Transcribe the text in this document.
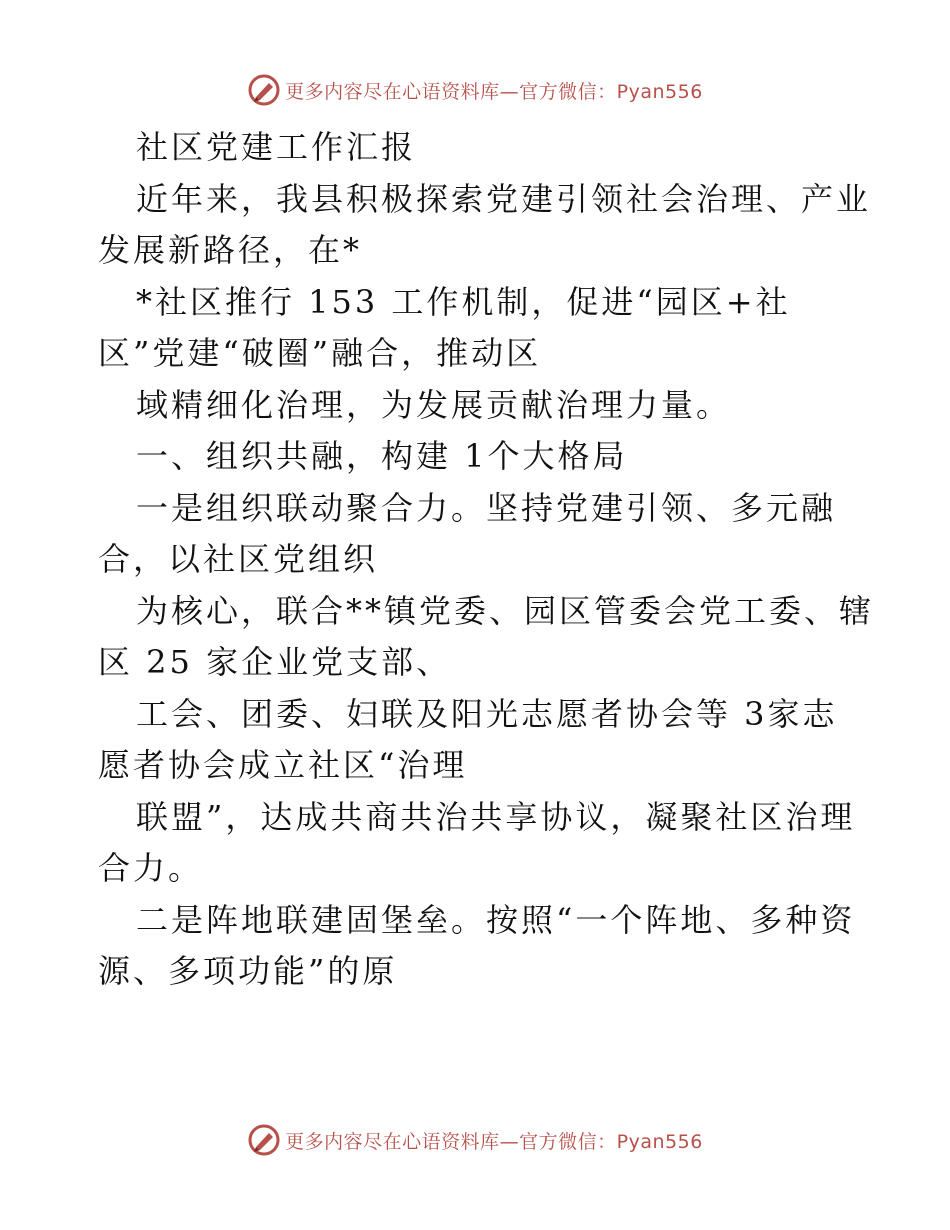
更多内容尽在心语资料库—官方微信：Pyan556
社区党建工作汇报
近年来，我县积极探索党建引领社会治理、产业
发展新路径，在*
*社区推行 153 工作机制，促进“园区+社
区”党建“破圈”融合，推动区
域精细化治理，为发展贡献治理力量。
一、组织共融，构建 1个大格局
一是组织联动聚合力。坚持党建引领、多元融
合，以社区党组织
为核心，联合**镇党委、园区管委会党工委、辖
区 25 家企业党支部、
工会、团委、妇联及阳光志愿者协会等 3家志
愿者协会成立社区“治理
联盟”，达成共商共治共享协议，凝聚社区治理
合力。
二是阵地联建固堡垒。按照“一个阵地、多种资
源、多项功能”的原
更多内容尽在心语资料库—官方微信：Pyan556
